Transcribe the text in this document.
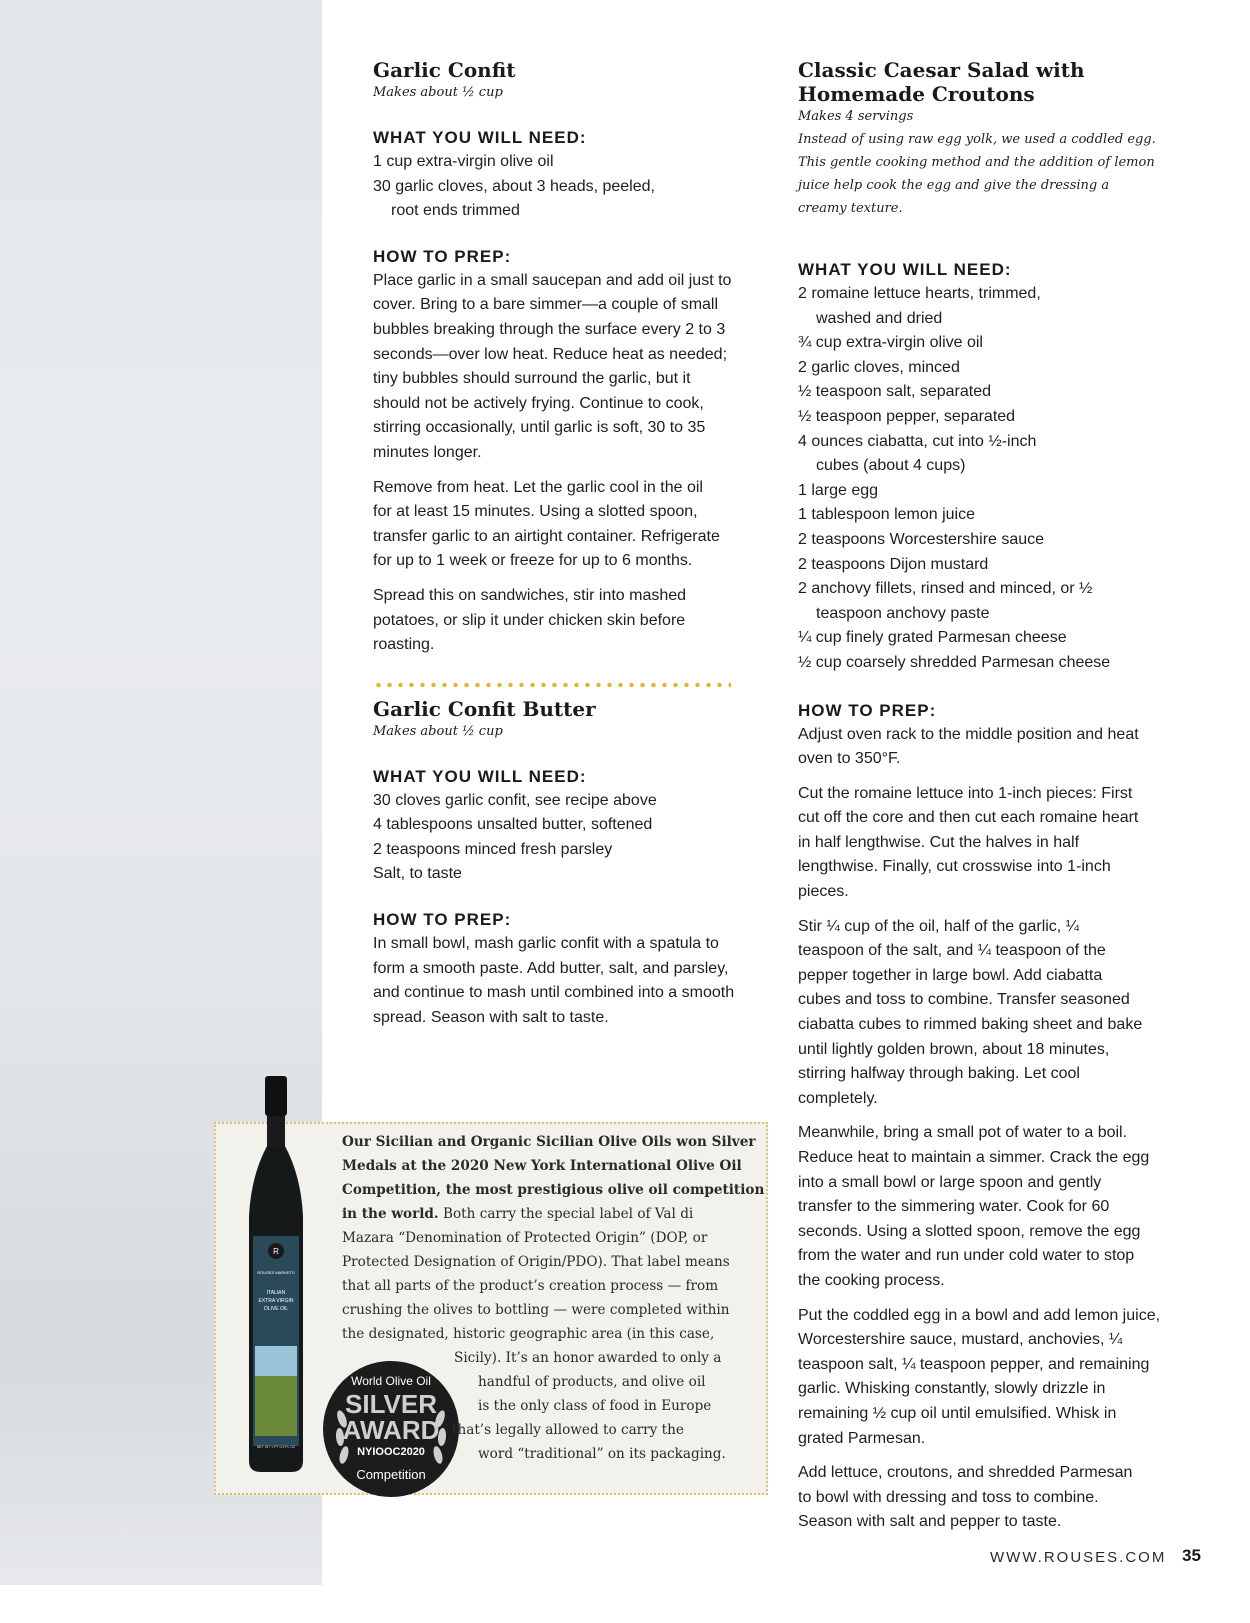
Garlic Confit
Makes about ½ cup
WHAT YOU WILL NEED:
1 cup extra-virgin olive oil
30 garlic cloves, about 3 heads, peeled, root ends trimmed
HOW TO PREP:

Place garlic in a small saucepan and add oil just to cover. Bring to a bare simmer—a couple of small bubbles breaking through the surface every 2 to 3 seconds—over low heat. Reduce heat as needed; tiny bubbles should surround the garlic, but it should not be actively frying. Continue to cook, stirring occasionally, until garlic is soft, 30 to 35 minutes longer.

Remove from heat. Let the garlic cool in the oil for at least 15 minutes. Using a slotted spoon, transfer garlic to an airtight container. Refrigerate for up to 1 week or freeze for up to 6 months.

Spread this on sandwiches, stir into mashed potatoes, or slip it under chicken skin before roasting.

Garlic Confit Butter
Makes about ½ cup
WHAT YOU WILL NEED:
30 cloves garlic confit, see recipe above
4 tablespoons unsalted butter, softened
2 teaspoons minced fresh parsley
Salt, to taste
HOW TO PREP:

In small bowl, mash garlic confit with a spatula to form a smooth paste. Add butter, salt, and parsley, and continue to mash until combined into a smooth spread. Season with salt to taste.

Classic Caesar Salad with
Homemade Croutons
Makes 4 servings
Instead of using raw egg yolk, we used a coddled egg. This gentle cooking method and the addition of lemon juice help cook the egg and give the dressing a creamy texture.
WHAT YOU WILL NEED:
2 romaine lettuce hearts, trimmed, washed and dried
¾ cup extra-virgin olive oil
2 garlic cloves, minced
½ teaspoon salt, separated
½ teaspoon pepper, separated
4 ounces ciabatta, cut into ½-inch cubes (about 4 cups)
1 large egg
1 tablespoon lemon juice
2 teaspoons Worcestershire sauce
2 teaspoons Dijon mustard
2 anchovy fillets, rinsed and minced, or ½ teaspoon anchovy paste
¼ cup finely grated Parmesan cheese
½ cup coarsely shredded Parmesan cheese
HOW TO PREP:

Adjust oven rack to the middle position and heat oven to 350°F.

Cut the romaine lettuce into 1-inch pieces: First cut off the core and then cut each romaine heart in half lengthwise. Cut the halves in half lengthwise. Finally, cut crosswise into 1-inch pieces.

Stir ¼ cup of the oil, half of the garlic, ¼ teaspoon of the salt, and ¼ teaspoon of the pepper together in large bowl. Add ciabatta cubes and toss to combine. Transfer seasoned ciabatta cubes to rimmed baking sheet and bake until lightly golden brown, about 18 minutes, stirring halfway through baking. Let cool completely.

Meanwhile, bring a small pot of water to a boil. Reduce heat to maintain a simmer. Crack the egg into a small bowl or large spoon and gently transfer to the simmering water. Cook for 60 seconds. Using a slotted spoon, remove the egg from the water and run under cold water to stop the cooking process.

Put the coddled egg in a bowl and add lemon juice, Worcestershire sauce, mustard, anchovies, ¼ teaspoon salt, ¼ teaspoon pepper, and remaining garlic. Whisking constantly, slowly drizzle in remaining ½ cup oil until emulsified. Whisk in grated Parmesan.

Add lettuce, croutons, and shredded Parmesan to bowl with dressing and toss to combine. Season with salt and pepper to taste.

R
ROUSES MARKETS
ITALIAN
EXTRA VIRGIN
OLIVE OIL
NET WT 1 PT 0.9 FL OZ
World Olive Oil
SILVER
AWARD
NYIOOC2020
Competition
Our Sicilian and Organic Sicilian Olive Oils won Silver
Medals at the 2020 New York International Olive Oil
Competition, the most prestigious olive oil competition
in the world. Both carry the special label of Val di
Mazara “Denomination of Protected Origin” (DOP, or
Protected Designation of Origin/PDO). That label means
that all parts of the product’s creation process — from
crushing the olives to bottling — were completed within
the designated, historic geographic area (in this case,
Sicily). It’s an honor awarded to only a
handful of products, and olive oil
is the only class of food in Europe
that’s legally allowed to carry the
word “traditional” on its packaging.
WWW.ROUSES.COM 35
